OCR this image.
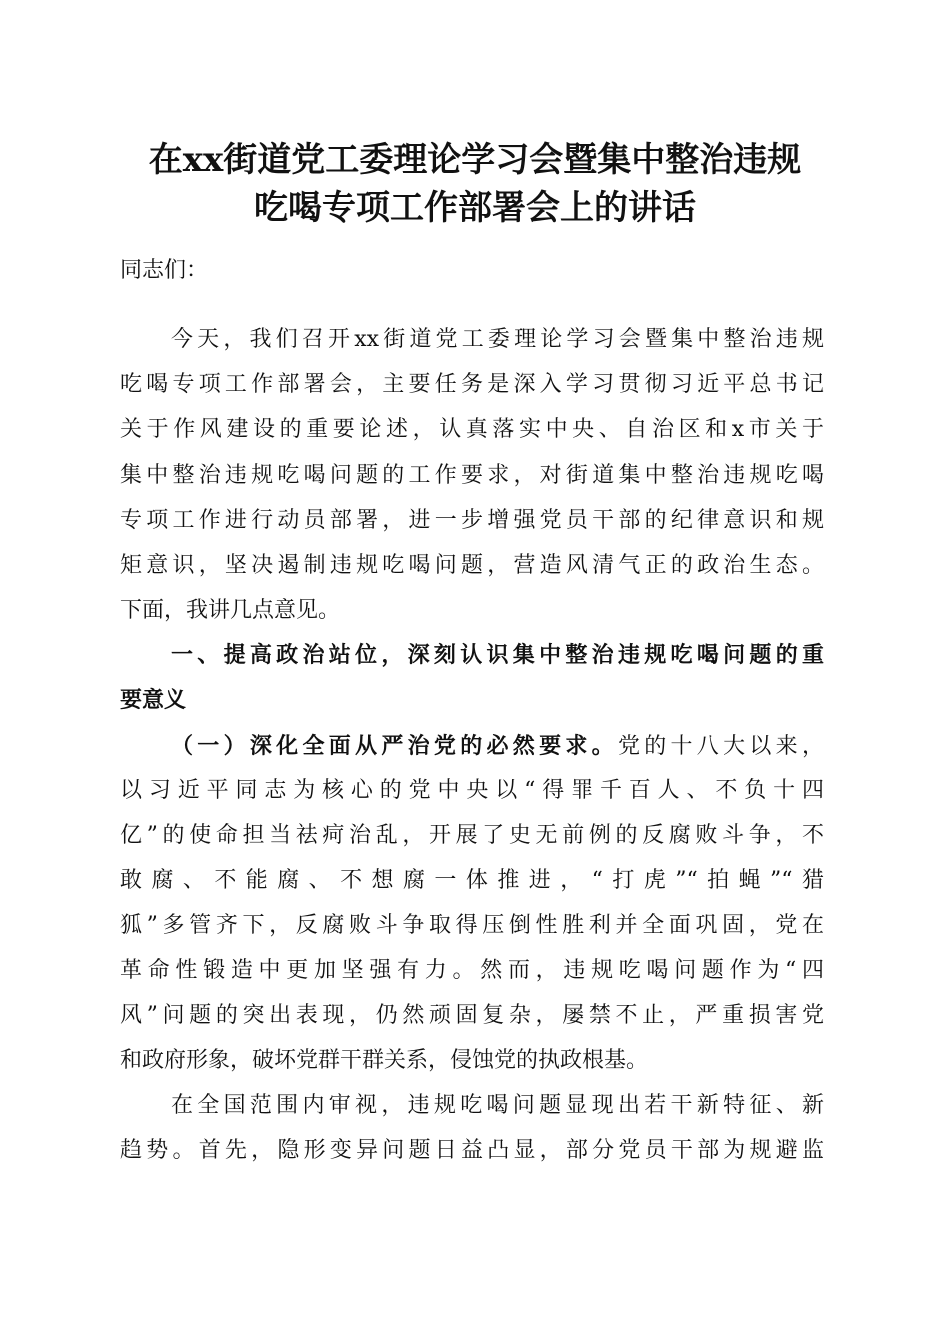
在xx街道党工委理论学习会暨集中整治违规
吃喝专项工作部署会上的讲话
同志们：
今天，我们召开xx街道党工委理论学习会暨集中整治违规
吃喝专项工作部署会，主要任务是深入学习贯彻习近平总书记
关于作风建设的重要论述，认真落实中央、自治区和x市关于
集中整治违规吃喝问题的工作要求，对街道集中整治违规吃喝
专项工作进行动员部署，进一步增强党员干部的纪律意识和规
矩意识，坚决遏制违规吃喝问题，营造风清气正的政治生态。
下面，我讲几点意见。
一、提高政治站位，深刻认识集中整治违规吃喝问题的重
要意义
（一）深化全面从严治党的必然要求。党的十八大以来，
以习近平同志为核心的党中央以“得罪千百人、不负十四
亿”的使命担当祛疴治乱，开展了史无前例的反腐败斗争，不
敢腐、不能腐、不想腐一体推进，“打虎”“拍蝇”“猎
狐”多管齐下，反腐败斗争取得压倒性胜利并全面巩固，党在
革命性锻造中更加坚强有力。然而，违规吃喝问题作为“四
风”问题的突出表现，仍然顽固复杂，屡禁不止，严重损害党
和政府形象，破坏党群干群关系，侵蚀党的执政根基。
在全国范围内审视，违规吃喝问题显现出若干新特征、新
趋势。首先，隐形变异问题日益凸显，部分党员干部为规避监
